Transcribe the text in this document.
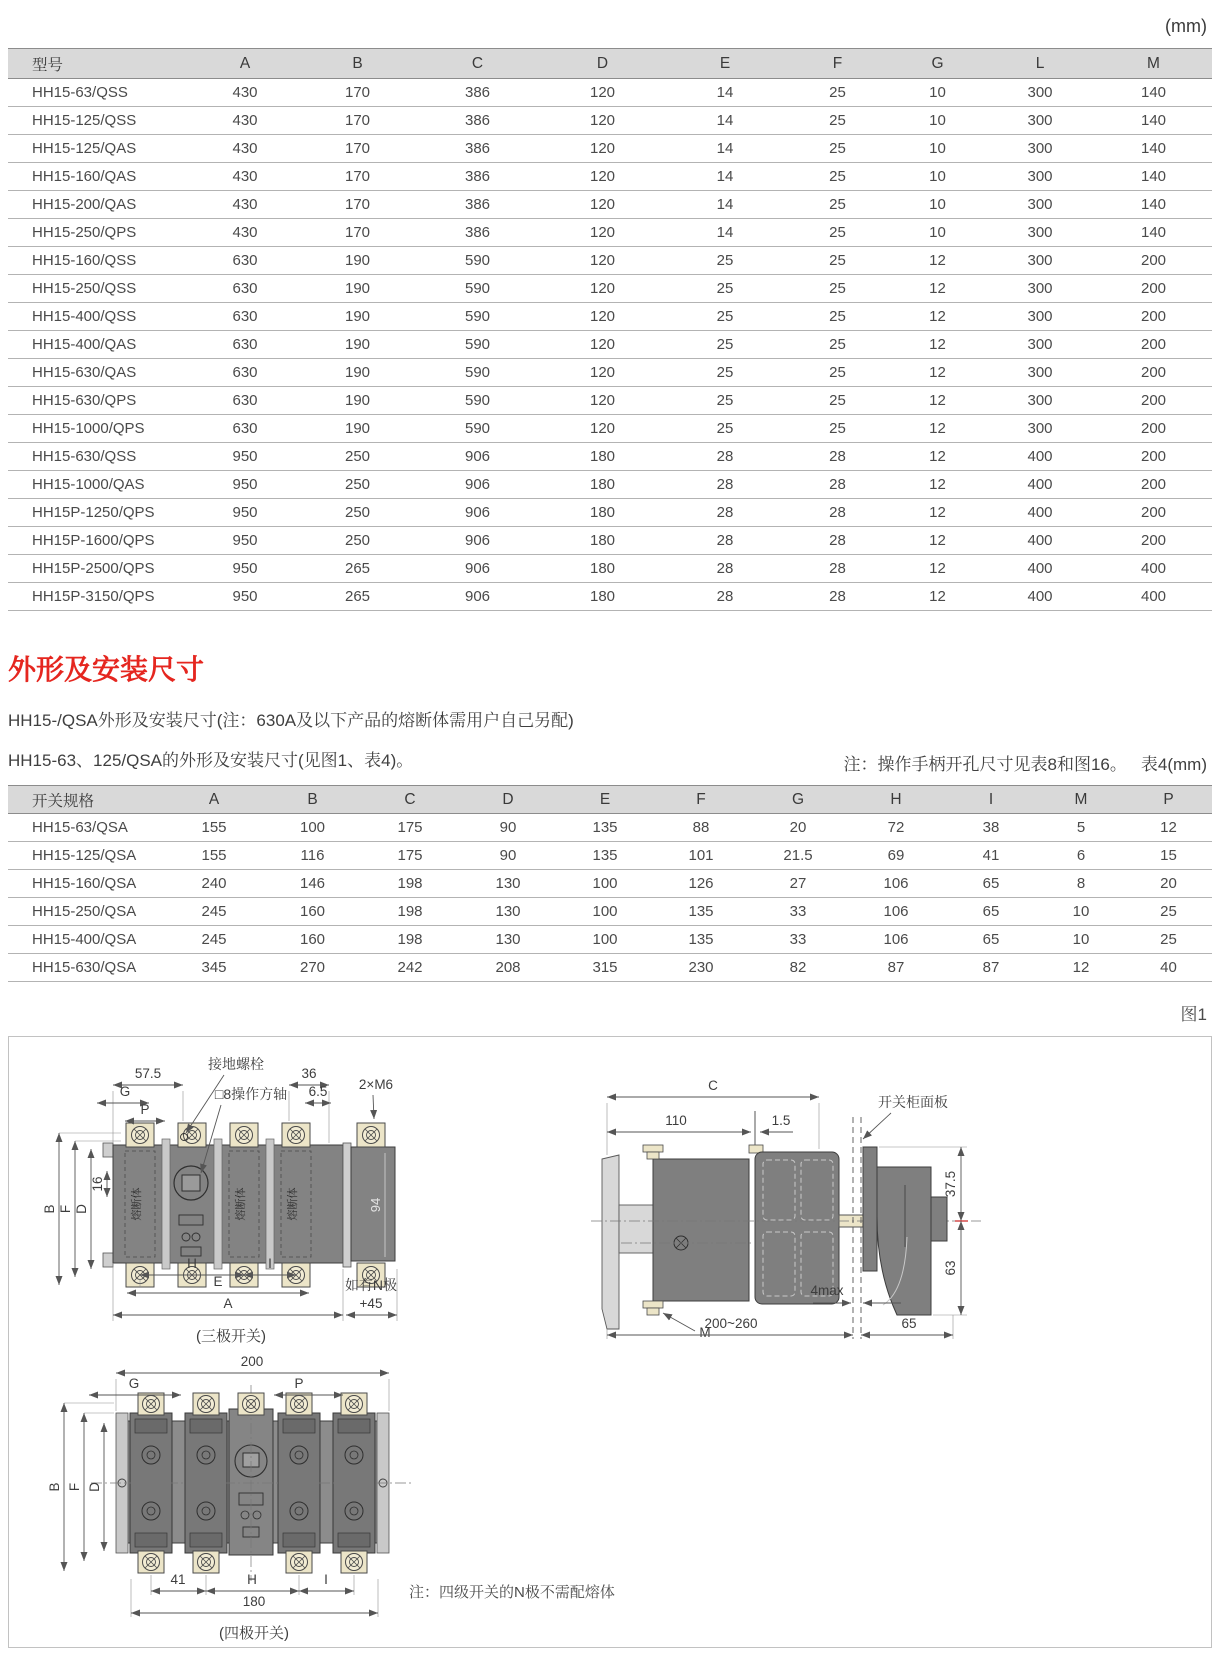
(mm)
型号	A	B	C	D	E	F	G	L	M
HH15-63/QSS	430	170	386	120	14	25	10	300	140
HH15-125/QSS	430	170	386	120	14	25	10	300	140
HH15-125/QAS	430	170	386	120	14	25	10	300	140
HH15-160/QAS	430	170	386	120	14	25	10	300	140
HH15-200/QAS	430	170	386	120	14	25	10	300	140
HH15-250/QPS	430	170	386	120	14	25	10	300	140
HH15-160/QSS	630	190	590	120	25	25	12	300	200
HH15-250/QSS	630	190	590	120	25	25	12	300	200
HH15-400/QSS	630	190	590	120	25	25	12	300	200
HH15-400/QAS	630	190	590	120	25	25	12	300	200
HH15-630/QAS	630	190	590	120	25	25	12	300	200
HH15-630/QPS	630	190	590	120	25	25	12	300	200
HH15-1000/QPS	630	190	590	120	25	25	12	300	200
HH15-630/QSS	950	250	906	180	28	28	12	400	200
HH15-1000/QAS	950	250	906	180	28	28	12	400	200
HH15P-1250/QPS	950	250	906	180	28	28	12	400	200
HH15P-1600/QPS	950	250	906	180	28	28	12	400	200
HH15P-2500/QPS	950	265	906	180	28	28	12	400	400
HH15P-3150/QPS	950	265	906	180	28	28	12	400	400
外形及安装尺寸

HH15-/QSA外形及安装尺寸(注：630A及以下产品的熔断体需用户自己另配)

HH15-63、125/QSA的外形及安装尺寸(见图1、表4)。	注：操作手柄开孔尺寸见表8和图16。 表4(mm)

开关规格	A	B	C	D	E	F	G	H	I	M	P
HH15-63/QSA	155	100	175	90	135	88	20	72	38	5	12
HH15-125/QSA	155	116	175	90	135	101	21.5	69	41	6	15
HH15-160/QSA	240	146	198	130	100	126	27	106	65	8	20
HH15-250/QSA	245	160	198	130	100	135	33	106	65	10	25
HH15-400/QSA	245	160	198	130	100	135	33	106	65	10	25
HH15-630/QSA	345	270	242	208	315	230	82	87	87	12	40
图1
熔断体	熔断体	熔断体
57.5
G
P
36
6.5
接地螺栓
□8操作方轴
2×M6
B F D
16
94
H	I
E
A
如有N极
+45
(三极开关)
开关柜面板
C
110	1.5
37.5
63
M
4max
200~260	65
200
G	P
B F D
41	H	I
180
(四极开关)
注：四级开关的N极不需配熔体
